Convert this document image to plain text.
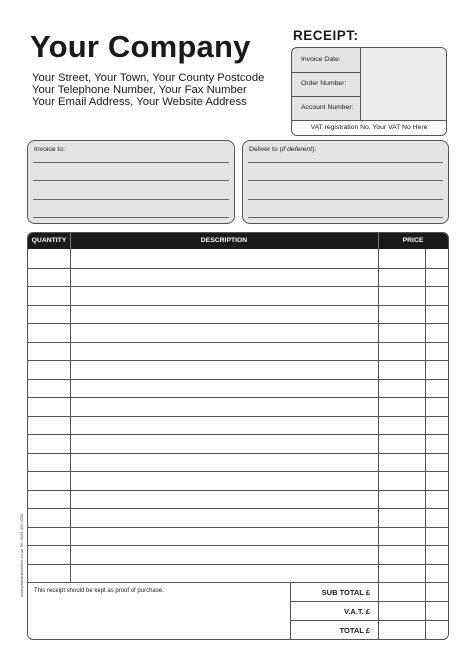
Your Company
Your Street, Your Town, Your County Postcode
Your Telephone Number, Your Fax Number
Your Email Address, Your Website Address
RECEIPT:
Invoice Date:
Order Number:
Account Number:
VAT registration No. Your VAT No Here
Invoice to:	Deliver to (if deferent):
QUANTITY	DESCRIPTION	PRICE
This receipt should be kept as proof of purchase.	SUB TOTAL £
V.A.T. £
TOTAL £
www.printablesonline.co.uk Tel: 0161 432 0300
